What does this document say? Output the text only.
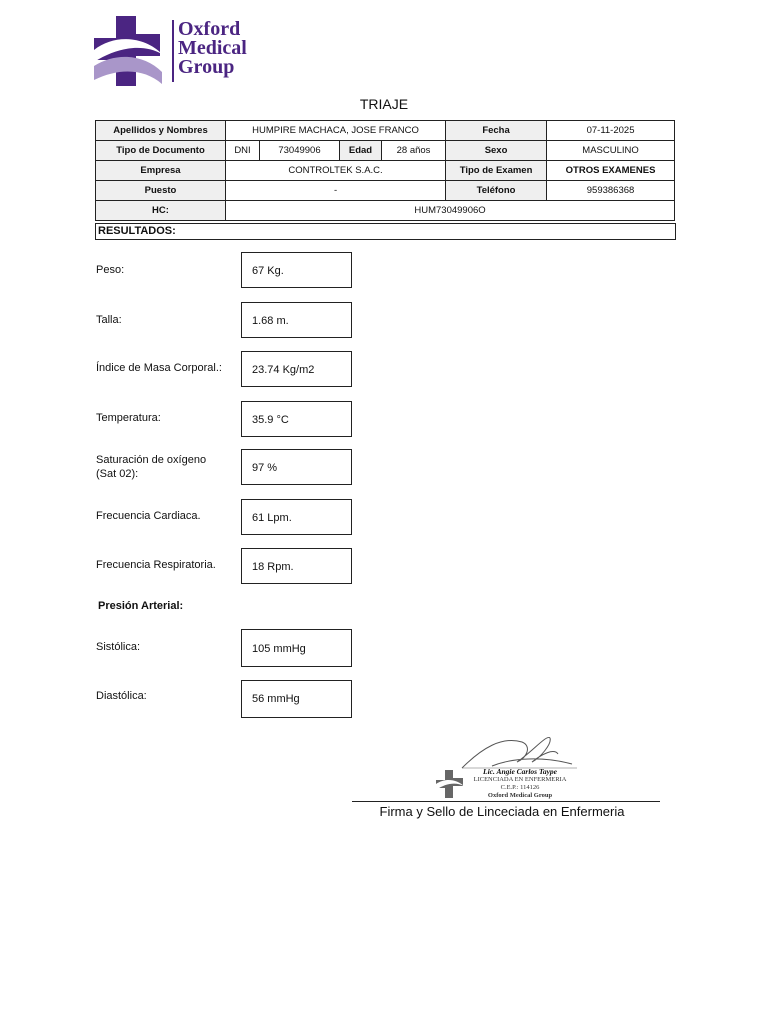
Oxford
Medical
Group
TRIAJE
Apellidos y Nombres	HUMPIRE MACHACA, JOSE FRANCO				Fecha	07-11-2025
Tipo de Documento	DNI	73049906	Edad	28 años	Sexo	MASCULINO
Empresa	CONTROLTEK S.A.C.				Tipo de Examen	OTROS EXAMENES
Puesto	-				Teléfono	959386368
HC:	HUM73049906O					
RESULTADOS:
Peso:	67 Kg.
Talla:	1.68 m.
Índice de Masa Corporal.:	23.74 Kg/m2
Temperatura:	35.9 °C
Saturación de oxígeno
(Sat 02):	97 %
Frecuencia Cardiaca.	61 Lpm.
Frecuencia Respiratoria.	18 Rpm.
Presión Arterial:
Sistólica:	105 mmHg
Diastólica:	56 mmHg
Lic. Angie Carlos Taype
LICENCIADA EN ENFERMERIA
C.E.P.: 114126
Oxford Medical Group
Firma y Sello de Linceciada en Enfermeria
